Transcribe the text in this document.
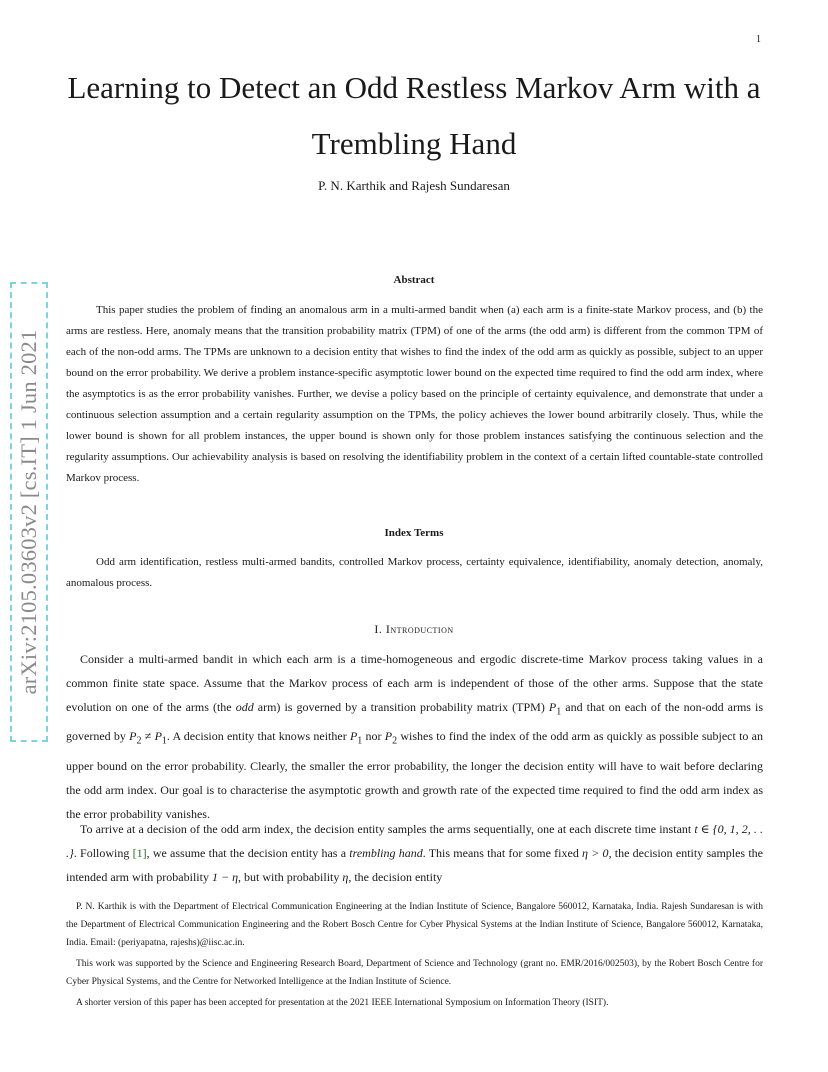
1
arXiv:2105.03603v2 [cs.IT] 1 Jun 2021
Learning to Detect an Odd Restless Markov Arm with a Trembling Hand
P. N. Karthik and Rajesh Sundaresan
Abstract

This paper studies the problem of finding an anomalous arm in a multi-armed bandit when (a) each arm is a finite-state Markov process, and (b) the arms are restless. Here, anomaly means that the transition probability matrix (TPM) of one of the arms (the odd arm) is different from the common TPM of each of the non-odd arms. The TPMs are unknown to a decision entity that wishes to find the index of the odd arm as quickly as possible, subject to an upper bound on the error probability. We derive a problem instance-specific asymptotic lower bound on the expected time required to find the odd arm index, where the asymptotics is as the error probability vanishes. Further, we devise a policy based on the principle of certainty equivalence, and demonstrate that under a continuous selection assumption and a certain regularity assumption on the TPMs, the policy achieves the lower bound arbitrarily closely. Thus, while the lower bound is shown for all problem instances, the upper bound is shown only for those problem instances satisfying the continuous selection and the regularity assumptions. Our achievability analysis is based on resolving the identifiability problem in the context of a certain lifted countable-state controlled Markov process.

Index Terms

Odd arm identification, restless multi-armed bandits, controlled Markov process, certainty equivalence, identifiability, anomaly detection, anomaly, anomalous process.

I. Introduction

Consider a multi-armed bandit in which each arm is a time-homogeneous and ergodic discrete-time Markov process taking values in a common finite state space. Assume that the Markov process of each arm is independent of those of the other arms. Suppose that the state evolution on one of the arms (the odd arm) is governed by a transition probability matrix (TPM) $P_1$ and that on each of the non-odd arms is governed by $P_2 \ne P_1$. A decision entity that knows neither $P_1$ nor $P_2$ wishes to find the index of the odd arm as quickly as possible subject to an upper bound on the error probability. Clearly, the smaller the error probability, the longer the decision entity will have to wait before declaring the odd arm index. Our goal is to characterise the asymptotic growth and growth rate of the expected time required to find the odd arm index as the error probability vanishes.

To arrive at a decision of the odd arm index, the decision entity samples the arms sequentially, one at each discrete time instant t ∈ {0, 1, 2, . . .}. Following [1], we assume that the decision entity has a trembling hand. This means that for some fixed η > 0, the decision entity samples the intended arm with probability 1 − η, but with probability η, the decision entity

P. N. Karthik is with the Department of Electrical Communication Engineering at the Indian Institute of Science, Bangalore 560012, Karnataka, India. Rajesh Sundaresan is with the Department of Electrical Communication Engineering and the Robert Bosch Centre for Cyber Physical Systems at the Indian Institute of Science, Bangalore 560012, Karnataka, India. Email: (periyapatna, rajeshs)@iisc.ac.in.

This work was supported by the Science and Engineering Research Board, Department of Science and Technology (grant no. EMR/2016/002503), by the Robert Bosch Centre for Cyber Physical Systems, and the Centre for Networked Intelligence at the Indian Institute of Science.

A shorter version of this paper has been accepted for presentation at the 2021 IEEE International Symposium on Information Theory (ISIT).
